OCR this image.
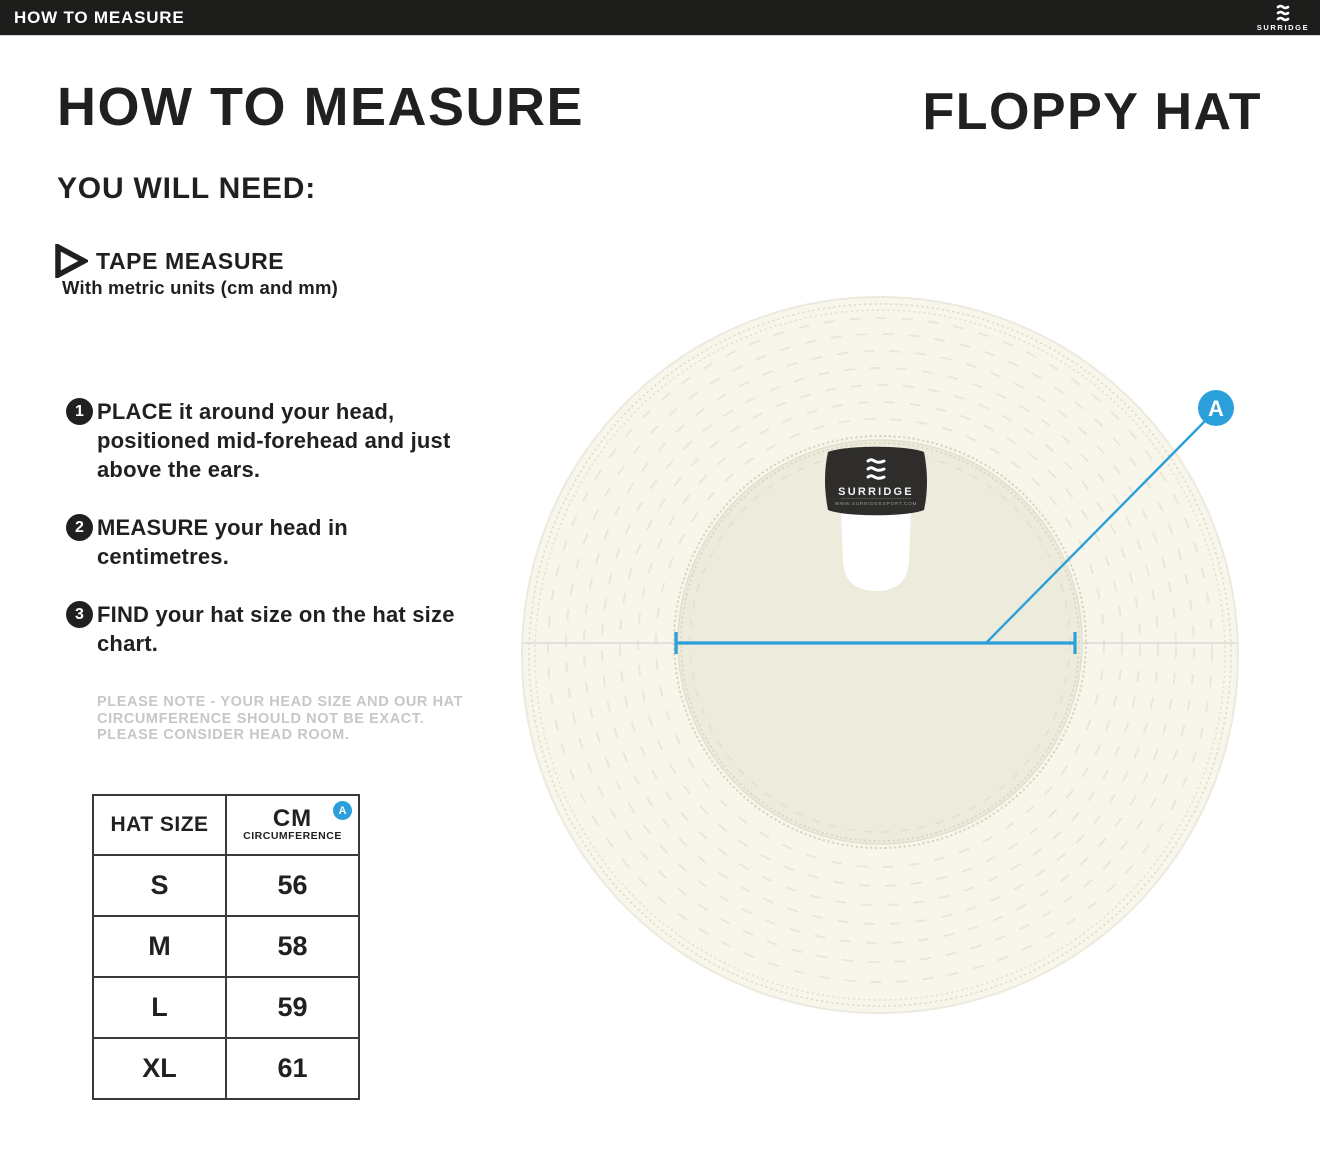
HOW TO MEASURE
SURRIDGE
HOW TO MEASURE	FLOPPY HAT
YOU WILL NEED:
TAPE MEASURE
With metric units (cm and mm)
1 PLACE it around your head, positioned mid-forehead and just above the ears.
2 MEASURE your head in centimetres.
3 FIND your hat size on the hat size chart.
PLEASE NOTE - YOUR HEAD SIZE AND OUR HAT
CIRCUMFERENCE SHOULD NOT BE EXACT.
PLEASE CONSIDER HEAD ROOM.
HAT SIZE	CM
CIRCUMFERENCE
A

S	56
M	58
L	59
XL	61
SURRIDGE
WWW.SURRIDGESPORT.COM
A
